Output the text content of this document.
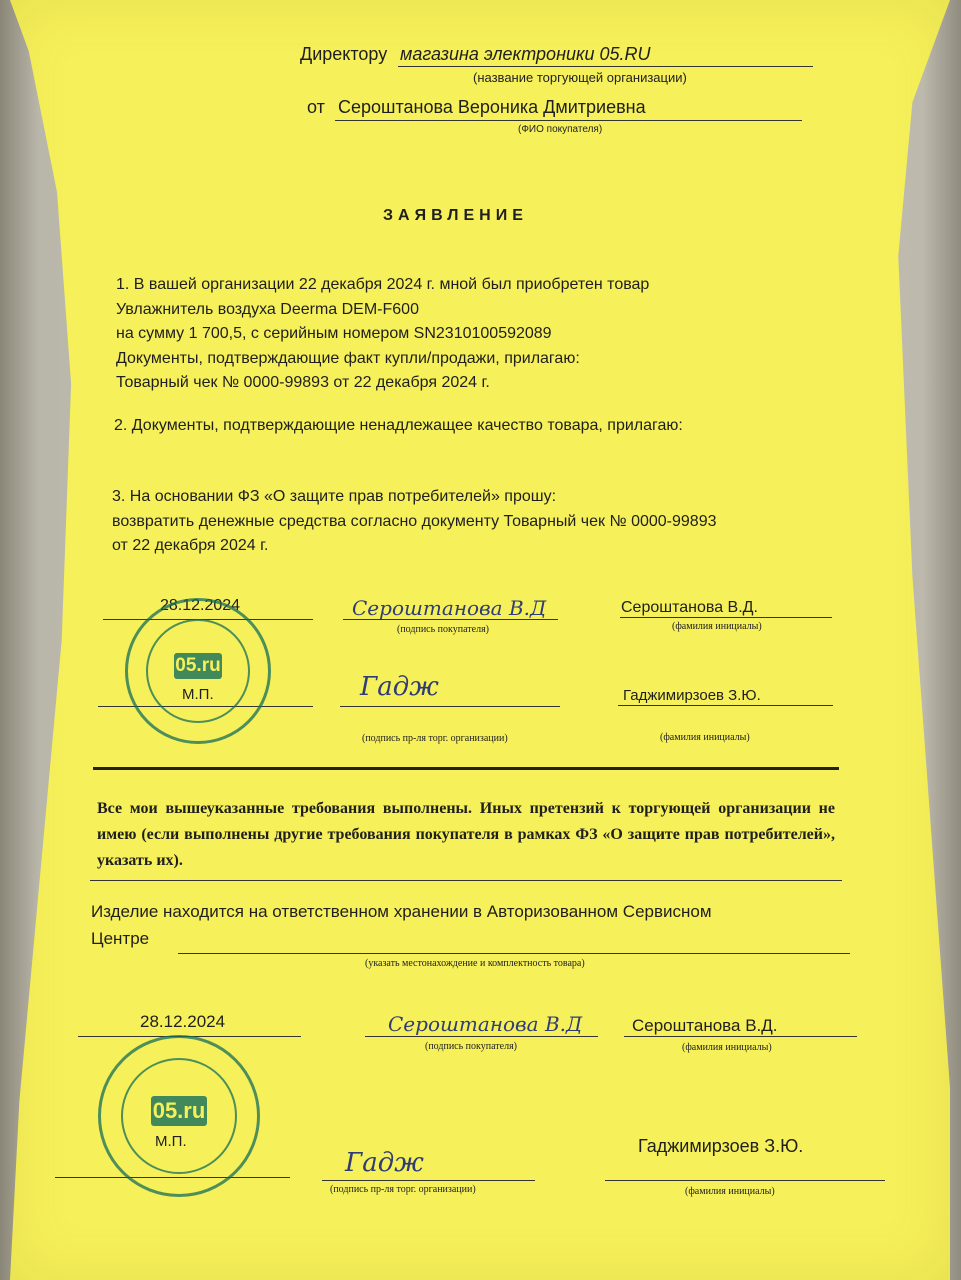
Директору магазина электроники 05.RU
(название торгующей организации)
от Сероштанова Вероника Дмитриевна
(ФИО покупателя)
ЗАЯВЛЕНИЕ
1. В вашей организации 22 декабря 2024 г. мной был приобретен товар
Увлажнитель воздуха Deerma DEM-F600
на сумму 1 700,5, с серийным номером SN2310100592089
Документы, подтверждающие факт купли/продажи, прилагаю:
Товарный чек № 0000-99893 от 22 декабря 2024 г.
2. Документы, подтверждающие ненадлежащее качество товара, прилагаю:
3. На основании ФЗ «О защите прав потребителей» прошу:
возвратить денежные средства согласно документу Товарный чек № 0000-99893
от 22 декабря 2024 г.
28.12.2024	Сероштанова В.Д
(подпись покупателя)
Сероштанова В.Д.
(фамилия инициалы)
М.П.	Гадж
(подпись пр-ля торг. организации)
Гаджимирзоев З.Ю.
(фамилия инициалы)
05.ru
Все мои вышеуказанные требования выполнены. Иных претензий к торгующей организации не имею (если выполнены другие требования покупателя в рамках ФЗ «О защите прав потребителей», указать их).
Изделие находится на ответственном хранении в Авторизованном Сервисном
Центре
(указать местонахождение и комплектность товара)
28.12.2024	Сероштанова В.Д
(подпись покупателя)
Сероштанова В.Д.
(фамилия инициалы)
М.П.
Гадж
(подпись пр-ля торг. организации)
Гаджимирзоев З.Ю.
(фамилия инициалы)
05.ru
